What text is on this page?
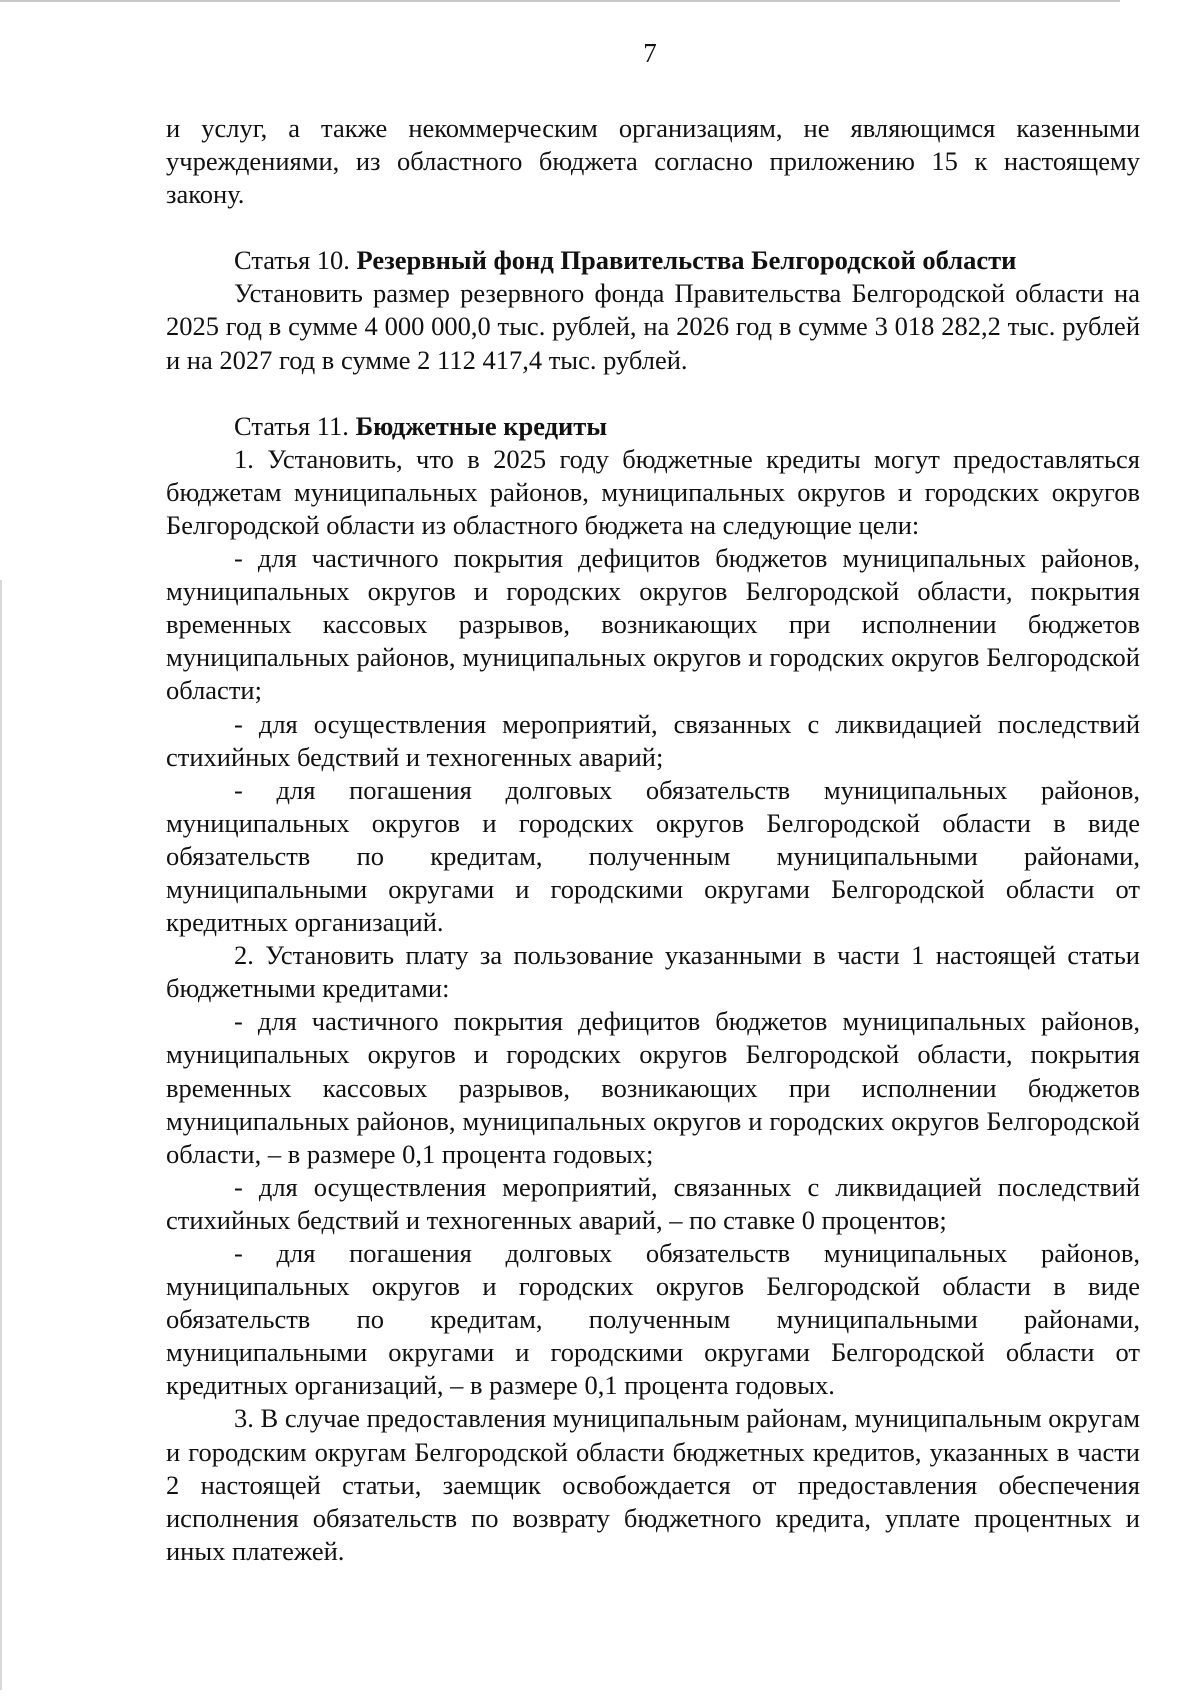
7

и услуг, а также некоммерческим организациям, не являющимся казенными учреждениями, из областного бюджета согласно приложению 15 к настоящему закону.

Статья 10. Резервный фонд Правительства Белгородской области

Установить размер резервного фонда Правительства Белгородской области на 2025 год в сумме 4 000 000,0 тыс. рублей, на 2026 год в сумме 3 018 282,2 тыс. рублей и на 2027 год в сумме 2 112 417,4 тыс. рублей.

Статья 11. Бюджетные кредиты

1. Установить, что в 2025 году бюджетные кредиты могут предоставляться бюджетам муниципальных районов, муниципальных округов и городских округов Белгородской области из областного бюджета на следующие цели:

- для частичного покрытия дефицитов бюджетов муниципальных районов, муниципальных округов и городских округов Белгородской области, покрытия временных кассовых разрывов, возникающих при исполнении бюджетов муниципальных районов, муниципальных округов и городских округов Белгородской области;

- для осуществления мероприятий, связанных с ликвидацией последствий стихийных бедствий и техногенных аварий;

- для погашения долговых обязательств муниципальных районов, муниципальных округов и городских округов Белгородской области в виде обязательств по кредитам, полученным муниципальными районами, муниципальными округами и городскими округами Белгородской области от кредитных организаций.

2. Установить плату за пользование указанными в части 1 настоящей статьи бюджетными кредитами:

- для частичного покрытия дефицитов бюджетов муниципальных районов, муниципальных округов и городских округов Белгородской области, покрытия временных кассовых разрывов, возникающих при исполнении бюджетов муниципальных районов, муниципальных округов и городских округов Белгородской области, – в размере 0,1 процента годовых;

- для осуществления мероприятий, связанных с ликвидацией последствий стихийных бедствий и техногенных аварий, – по ставке 0 процентов;

- для погашения долговых обязательств муниципальных районов, муниципальных округов и городских округов Белгородской области в виде обязательств по кредитам, полученным муниципальными районами, муниципальными округами и городскими округами Белгородской области от кредитных организаций, – в размере 0,1 процента годовых.

3. В случае предоставления муниципальным районам, муниципальным округам и городским округам Белгородской области бюджетных кредитов, указанных в части 2 настоящей статьи, заемщик освобождается от предоставления обеспечения исполнения обязательств по возврату бюджетного кредита, уплате процентных и иных платежей.
